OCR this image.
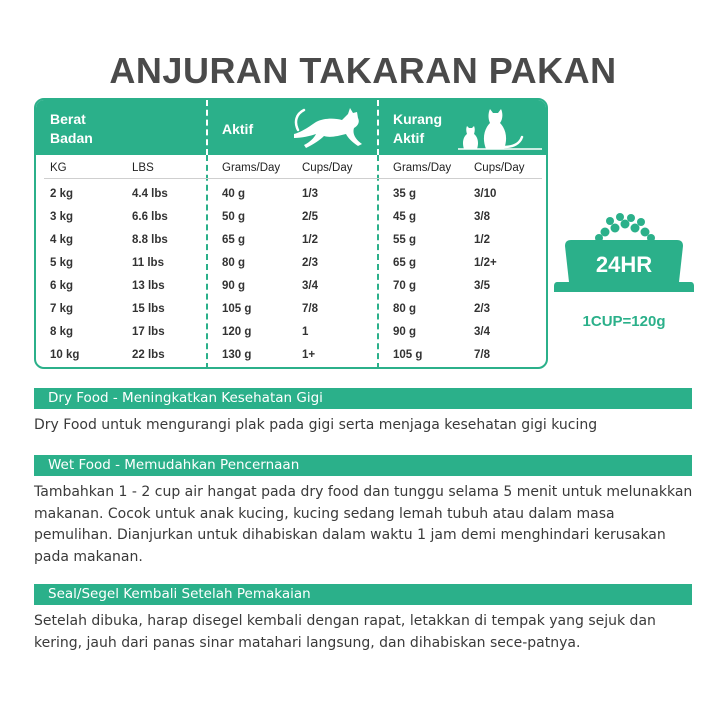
ANJURAN TAKARAN PAKAN
Berat
Badan
Aktif
Kurang
Aktif
KG	LBS	Grams/Day Cups/Day	Grams/Day Cups/Day
2 kg	4.4 lbs	40 g	1/3	35 g	3/10
3 kg	6.6 lbs	50 g	2/5	45 g	3/8
4 kg	8.8 lbs	65 g	1/2	55 g	1/2
5 kg	11 lbs	80 g	2/3	65 g	1/2+
6 kg	13 lbs	90 g	3/4	70 g	3/5
7 kg	15 lbs	105 g	7/8	80 g	2/3
8 kg	17 lbs	120 g	1	90 g	3/4
10 kg	22 lbs	130 g	1+	105 g	7/8
24HR
1CUP=120g
Dry Food - Meningkatkan Kesehatan Gigi
Dry Food untuk mengurangi plak pada gigi serta menjaga kesehatan gigi kucing
Wet Food - Memudahkan Pencernaan
Tambahkan 1 - 2 cup air hangat pada dry food dan tunggu selama 5 menit untuk melunakkan makanan. Cocok untuk anak kucing, kucing sedang lemah tubuh atau dalam masa pemulihan. Dianjurkan untuk dihabiskan dalam waktu 1 jam demi menghindari kerusakan pada makanan.
Seal/Segel Kembali Setelah Pemakaian
Setelah dibuka, harap disegel kembali dengan rapat, letakkan di tempak yang sejuk dan kering, jauh dari panas sinar matahari langsung, dan dihabiskan sece-patnya.
